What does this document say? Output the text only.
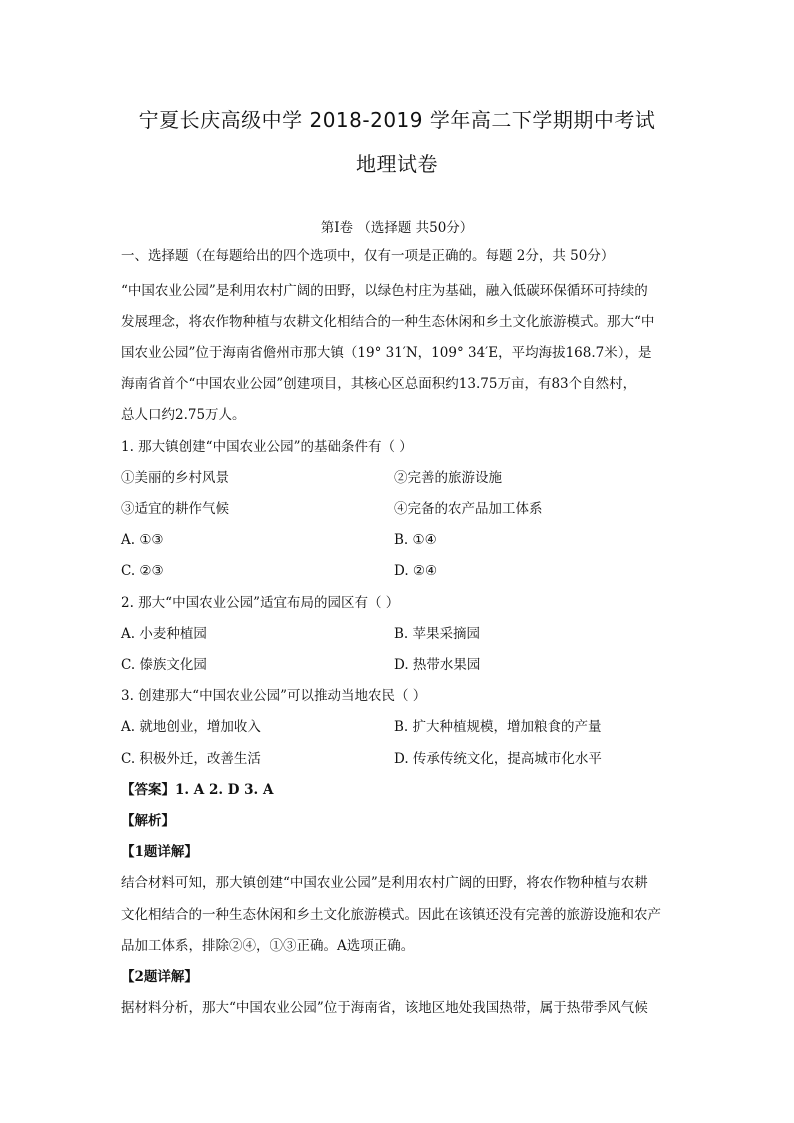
宁夏长庆高级中学 2018-2019 学年高二下学期期中考试
地理试卷
第Ⅰ卷 （选择题 共50分）
一、选择题（在每题给出的四个选项中，仅有一项是正确的。每题 2分，共 50分）
“中国农业公园”是利用农村广阔的田野，以绿色村庄为基础，融入低碳环保循环可持续的
发展理念，将农作物种植与农耕文化相结合的一种生态休闲和乡土文化旅游模式。那大“中
国农业公园”位于海南省儋州市那大镇（19° 31′N，109° 34′E，平均海拔168.7米），是
海南省首个“中国农业公园”创建项目，其核心区总面积约13.75万亩，有83个自然村，
总人口约2.75万人。
1. 那大镇创建“中国农业公园”的基础条件有（ ）
①美丽的乡村风景	②完善的旅游设施
③适宜的耕作气候	④完备的农产品加工体系
A. ①③	B. ①④
C. ②③	D. ②④
2. 那大“中国农业公园”适宜布局的园区有（ ）
A. 小麦种植园	B. 苹果采摘园
C. 傣族文化园	D. 热带水果园
3. 创建那大“中国农业公园”可以推动当地农民（ ）
A. 就地创业，增加收入	B. 扩大种植规模，增加粮食的产量
C. 积极外迁，改善生活	D. 传承传统文化，提高城市化水平
【答案】1. A 2. D 3. A
【解析】
【1题详解】
结合材料可知，那大镇创建“中国农业公园”是利用农村广阔的田野，将农作物种植与农耕
文化相结合的一种生态休闲和乡土文化旅游模式。因此在该镇还没有完善的旅游设施和农产
品加工体系，排除②④，①③正确。A选项正确。
【2题详解】
据材料分析，那大“中国农业公园”位于海南省，该地区地处我国热带，属于热带季风气候
